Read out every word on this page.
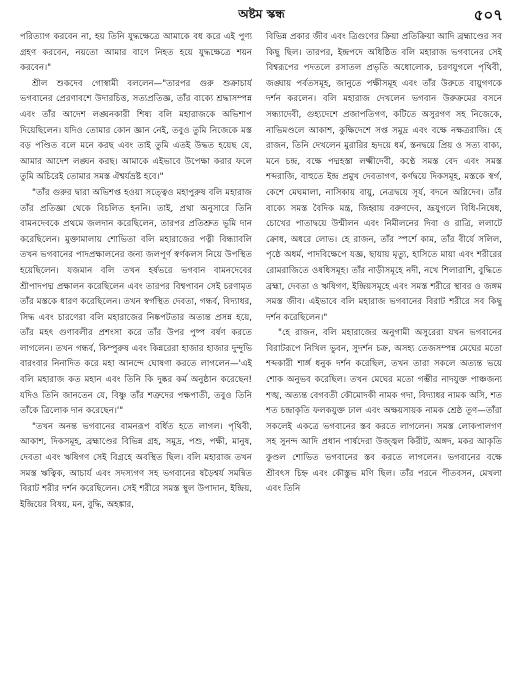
অষ্টম স্কন্ধ	৫০৭

পরিত্যাগ করবেন না, হয় তিনি যুদ্ধক্ষেত্রে আমাকে বধ করে এই পুণ্য গ্রহণ করবেন, নয়তো আমার বাণে নিহত হয়ে যুদ্ধক্ষেত্রে শয়ন করবেন।"

শ্রীল শুকদেব গোস্বামী বললেন—"তারপর গুরু শুক্রাচার্য ভগবানের প্রেরণাবশে উদারচিত্ত, সত্যপ্রতিজ্ঞ, তাঁর বাক্যে শ্রদ্ধাসম্পন্ন এবং তাঁর আদেশ লঙ্ঘনকারী শিষ্য বলি মহারাজকে অভিশাপ দিয়েছিলেন। যদিও তোমার কোন জ্ঞান নেই, তবুও তুমি নিজেকে মস্ত বড় পণ্ডিত বলে মনে করছ এবং তাই তুমি এতই উদ্ধত হয়েছ যে, আমার আদেশ লঙ্ঘন করছ। আমাকে এইভাবে উপেক্ষা করার ফলে তুমি অচিরেই তোমার সমস্ত ঐশ্বর্যভ্রষ্ট হবে।"

"তাঁর গুরুর দ্বারা অভিশপ্ত হওয়া সত্ত্বেও মহাপুরুষ বলি মহারাজ তাঁর প্রতিজ্ঞা থেকে বিচলিত হননি। তাই, প্রথা অনুসারে তিনি বামনদেবকে প্রথমে জলদান করেছিলেন, তারপর প্রতিশ্রুত ভূমি দান করেছিলেন। মুক্তামালায় শোভিতা বলি মহারাজের পত্নী বিন্ধ্যাবলি তখন ভগবানের পাদপ্রক্ষালনের জন্য জলপূর্ণ স্বর্ণকলস নিয়ে উপস্থিত হয়েছিলেন। যজমান বলি তখন হর্ষভরে ভগবান বামনদেবের শ্রীপাদপদ্ম প্রক্ষালন করেছিলেন এবং তারপর বিশ্বপাবন সেই চরণামৃত তাঁর মস্তকে ধারণ করেছিলেন। তখন স্বর্গস্থিত দেবতা, গন্ধর্ব, বিদ্যাধর, সিদ্ধ এবং চারণেরা বলি মহারাজের নিষ্কপটতার অত্যন্ত প্রসন্ন হয়ে, তাঁর মহৎ গুণাবলীর প্রশংসা করে তাঁর উপর পুষ্প বর্ষণ করতে লাগলেন। তখন গন্ধর্ব, কিম্পুরুষ এবং কিন্নরেরা হাজার হাজার দুন্দুভি বারংবার নিনাদিত করে মহা আনন্দে ঘোষণা করতে লাগলেন—'এই বলি মহারাজ কত মহান এবং তিনি কি দুষ্কর কর্ম অনুষ্ঠান করেছেন! যদিও তিনি জানতেন যে, বিষ্ণু তাঁর শত্রুদের পক্ষপাতী, তবুও তিনি তাঁকে ত্রিলোক দান করেছেন।'"

"তখন অনন্ত ভগবানের বামনরূপ বর্ধিত হতে লাগল। পৃথিবী, আকাশ, দিকসমূহ, ব্রহ্মাণ্ডের বিভিন্ন গ্রহ, সমুদ্র, পশু, পক্ষী, মানুষ, দেবতা এবং ঋষিগণ সেই বিগ্রহে অবস্থিত ছিল। বলি মহারাজ তখন সমস্ত ঋত্বিক, আচার্য এবং সদস্যগণ সহ ভগবানের ষড়ৈশ্বর্য সমন্বিত বিরাট শরীর দর্শন করেছিলেন। সেই শরীরে সমস্ত স্থূল উপাদান, ইন্দ্রিয়, ইন্দ্রিয়ের বিষয়, মন, বুদ্ধি, অহঙ্কার,

বিভিন্ন প্রকার জীব এবং ত্রিগুণের ক্রিয়া প্রতিক্রিয়া আদি ব্রহ্মাণ্ডের সব কিছু ছিল। তারপর, ইন্দ্রপদে অধিষ্ঠিত বলি মহারাজ ভগবানের সেই বিশ্বরূপের পদতলে রসাতল প্রভৃতি অধোলোক, চরণযুগলে পৃথিবী, জঙ্ঘায় পর্বতসমূহ, জানুতে পক্ষীসমূহ এবং তাঁর উরুতে বায়ুগণকে দর্শন করলেন। বলি মহারাজ দেখলেন ভগবান উরুক্রমের বসনে সন্ধ্যাদেবী, গুহ্যদেশে প্রজাপতিগণ, কটিতে অসুরগণ সহ নিজেকে, নাভিমণ্ডলে আকাশ, কুক্ষিদেশে সপ্ত সমুদ্র এবং বক্ষে নক্ষত্ররাজি। হে রাজন, তিনি দেখলেন মুরারির হৃদয়ে ধর্ম, স্তনদ্বয়ে প্রিয় ও সত্য বাক্য, মনে চন্দ্র, বক্ষে পদ্মহস্তা লক্ষ্মীদেবী, কণ্ঠে সমস্ত বেদ এবং সমস্ত শব্দরাজি, বাহুতে ইন্দ্র প্রমুখ দেবতাগণ, কর্ণদ্বয়ে দিকসমূহ, মস্তকে স্বর্গ, কেশে মেঘমালা, নাসিকায় বায়ু, নেত্রদ্বয়ে সূর্য, বদনে অগ্নিদেব। তাঁর বাক্যে সমস্ত বৈদিক মন্ত্র, জিহ্বায় বরুণদেব, ভ্রূযুগলে বিধি-নিষেধ, চোখের পাতাদ্বয়ে উন্মীলন এবং নিমীলনের দিবা ও রাত্রি, ললাটে ক্রোধ, অধরে লোভ। হে রাজন, তাঁর স্পর্শে কাম, তাঁর বীর্যে সলিল, পৃষ্ঠে অধর্ম, পাদবিক্ষেপে যজ্ঞ, ছায়ায় মৃত্যু, হাসিতে মায়া এবং শরীরের রোমরাজিতে ওষধিসমূহ। তাঁর নাড়ীসমূহে নদী, নখে শিলারাশি, বুদ্ধিতে ব্রহ্মা, দেবতা ও ঋষিগণ, ইন্দ্রিয়সমূহে এবং সমস্ত শরীরে স্থাবর ও জঙ্গম সমস্ত জীব। এইভাবে বলি মহারাজ ভগবানের বিরাট শরীরে সব কিছু দর্শন করেছিলেন।"

"হে রাজন, বলি মহারাজের অনুগামী অসুরেরা যখন ভগবানের বিরাটরূপে নিখিল ভুবন, সুদর্শন চক্র, অসহ্য তেজসম্পন্ন মেঘের মতো শব্দকারী শার্ঙ্গ ধনুক দর্শন করেছিল, তখন তারা সকলে অত্যন্ত ভয়ে শোক অনুভব করেছিল। তখন মেঘের মতো গম্ভীর নাদযুক্ত পাঞ্চজন্য শঙ্খ, অত্যন্ত বেগবতী কৌমোদকী নামক গদা, বিদ্যাধর নামক অসি, শত শত চন্দ্রাকৃতি ফলকযুক্ত ঢাল এবং অক্ষয়সায়ক নামক শ্রেষ্ঠ তূণ—তাঁরা সকলেই একত্রে ভগবানের স্তব করতে লাগলেন। সমস্ত লোকপালগণ সহ সুনন্দ আদি প্রধান পার্ষদেরা উজ্জ্বল কিরীট, অঙ্গদ, মকর আকৃতি কুণ্ডল শোভিত ভগবানের স্তব করতে লাগলেন। ভগবানের বক্ষে শ্রীবৎস চিহ্ন এবং কৌস্তুভ মণি ছিল। তাঁর পরনে পীতবসন, মেখলা এবং তিনি
